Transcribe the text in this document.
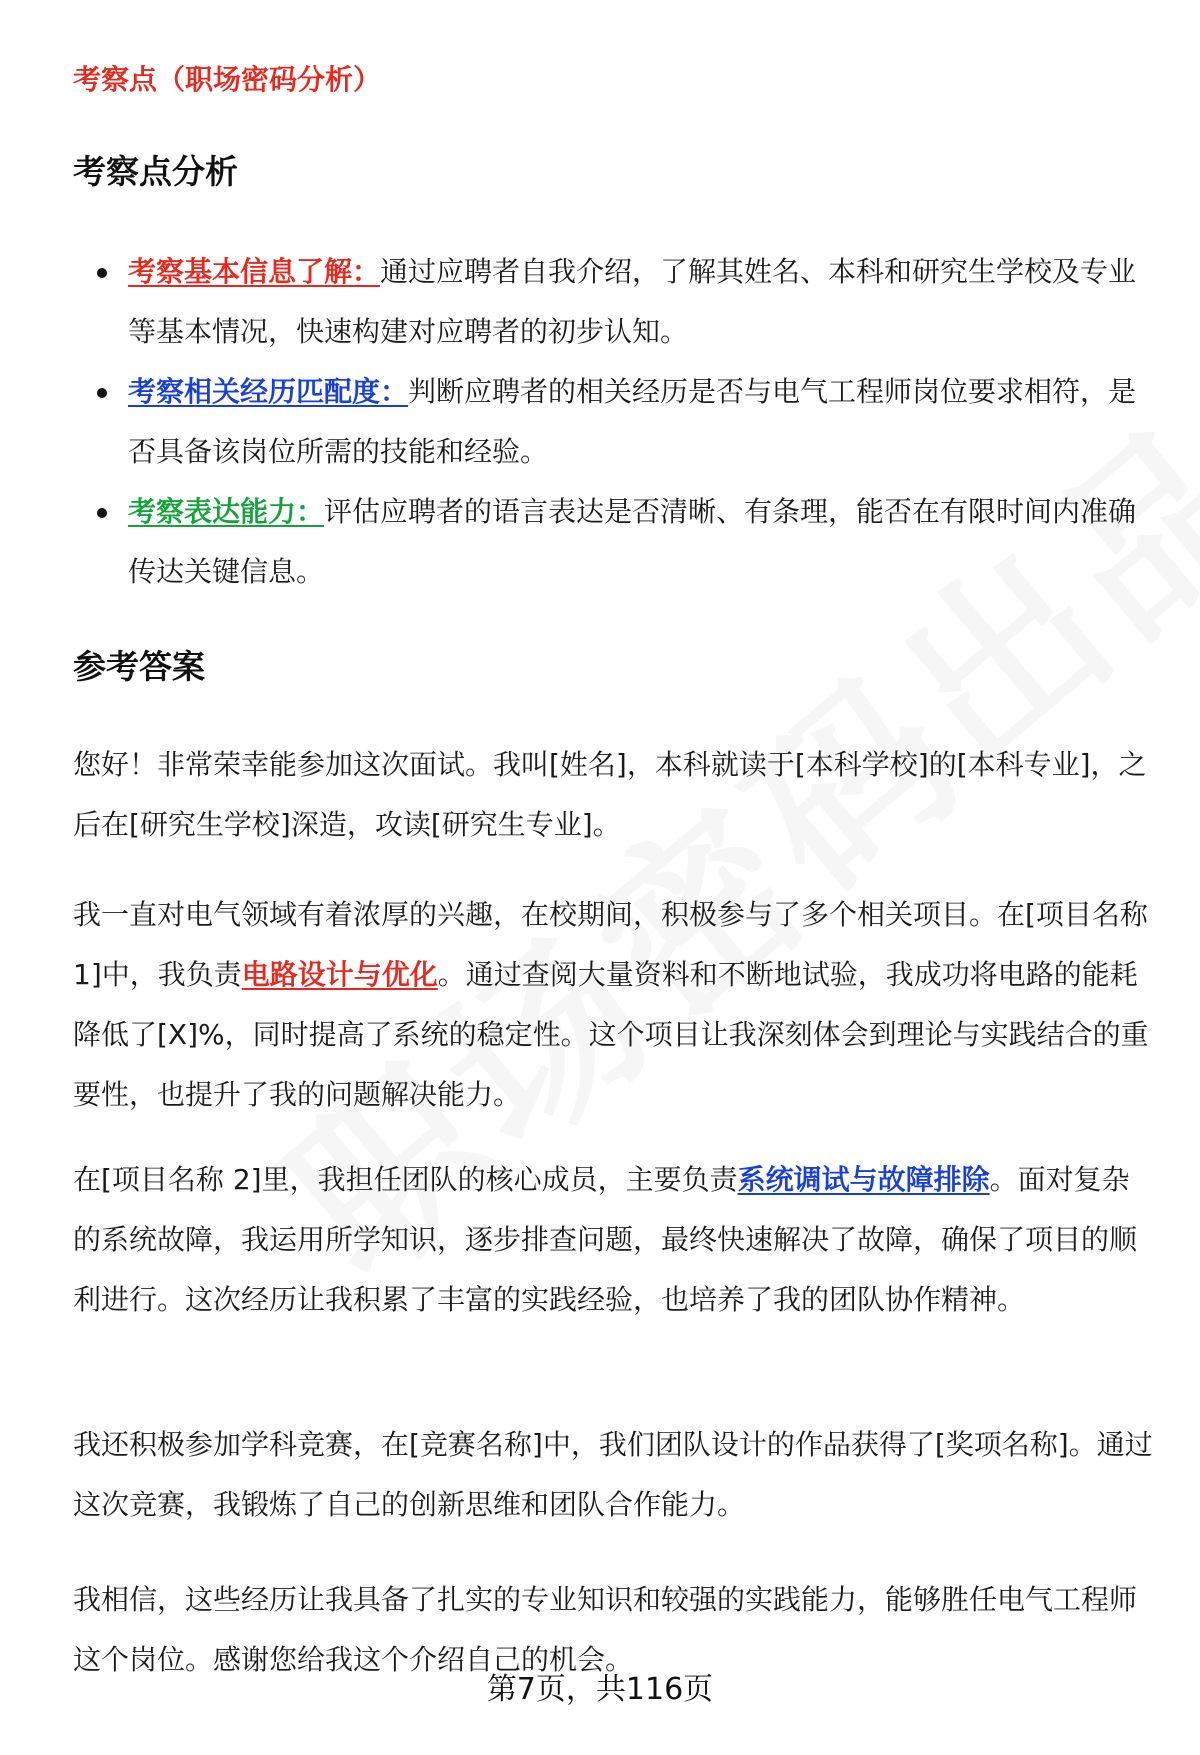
考察点（职场密码分析）
考察点分析
考察基本信息了解：通过应聘者自我介绍，了解其姓名、本科和研究生学校及专业等基本情况，快速构建对应聘者的初步认知。
考察相关经历匹配度：判断应聘者的相关经历是否与电气工程师岗位要求相符，是否具备该岗位所需的技能和经验。
考察表达能力：评估应聘者的语言表达是否清晰、有条理，能否在有限时间内准确传达关键信息。
参考答案

您好！非常荣幸能参加这次面试。我叫[姓名]，本科就读于[本科学校]的[本科专业]，之后在[研究生学校]深造，攻读[研究生专业]。

我一直对电气领域有着浓厚的兴趣，在校期间，积极参与了多个相关项目。在[项目名称 1]中，我负责电路设计与优化。通过查阅大量资料和不断地试验，我成功将电路的能耗降低了[X]%，同时提高了系统的稳定性。这个项目让我深刻体会到理论与实践结合的重要性，也提升了我的问题解决能力。

在[项目名称 2]里，我担任团队的核心成员，主要负责系统调试与故障排除。面对复杂的系统故障，我运用所学知识，逐步排查问题，最终快速解决了故障，确保了项目的顺利进行。这次经历让我积累了丰富的实践经验，也培养了我的团队协作精神。

我还积极参加学科竞赛，在[竞赛名称]中，我们团队设计的作品获得了[奖项名称]。通过这次竞赛，我锻炼了自己的创新思维和团队合作能力。

我相信，这些经历让我具备了扎实的专业知识和较强的实践能力，能够胜任电气工程师这个岗位。感谢您给我这个介绍自己的机会。

第7页，共116页
